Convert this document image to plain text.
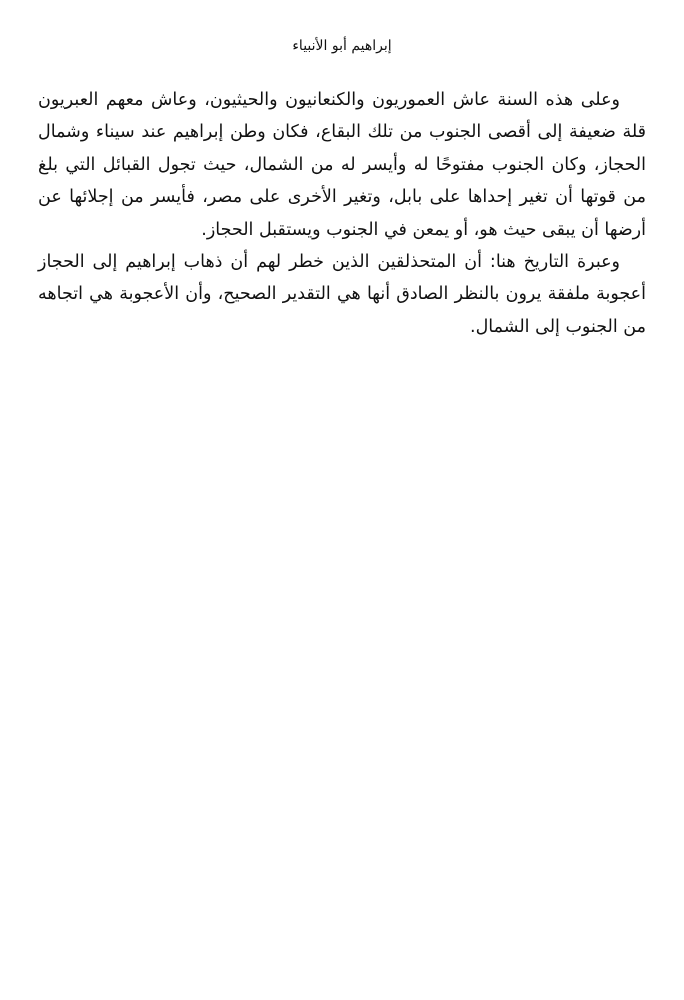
إبراهيم أبو الأنبياء

وعلى هذه السنة عاش العموريون والكنعانيون والحيثيون، وعاش معهم العبريون قلة ضعيفة إلى أقصى الجنوب من تلك البقاع، فكان وطن إبراهيم عند سيناء وشمال الحجاز، وكان الجنوب مفتوحًا له وأيسر له من الشمال، حيث تجول القبائل التي بلغ من قوتها أن تغير إحداها على بابل، وتغير الأخرى على مصر، فأيسر من إجلائها عن أرضها أن يبقى حيث هو، أو يمعن في الجنوب ويستقبل الحجاز.

وعبرة التاريخ هنا: أن المتحذلقين الذين خطر لهم أن ذهاب إبراهيم إلى الحجاز أعجوبة ملفقة يرون بالنظر الصادق أنها هي التقدير الصحيح، وأن الأعجوبة هي اتجاهه من الجنوب إلى الشمال.
